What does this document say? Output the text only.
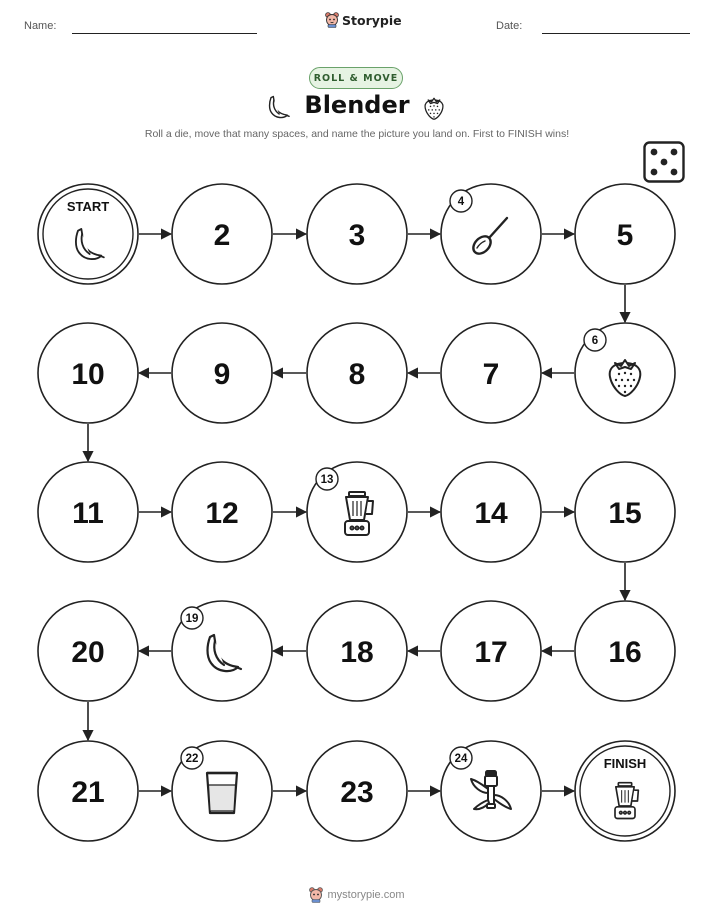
Name:	Storypie	Date:
ROLL & MOVE
Blender
Roll a die, move that many spaces, and name the picture you land on. First to FINISH wins!
START
2	3
4
5
6
7
8
9
10
11	12
13
14	15
16
17
18
19
20
21
22
23
24	FINISH
mystorypie.com
